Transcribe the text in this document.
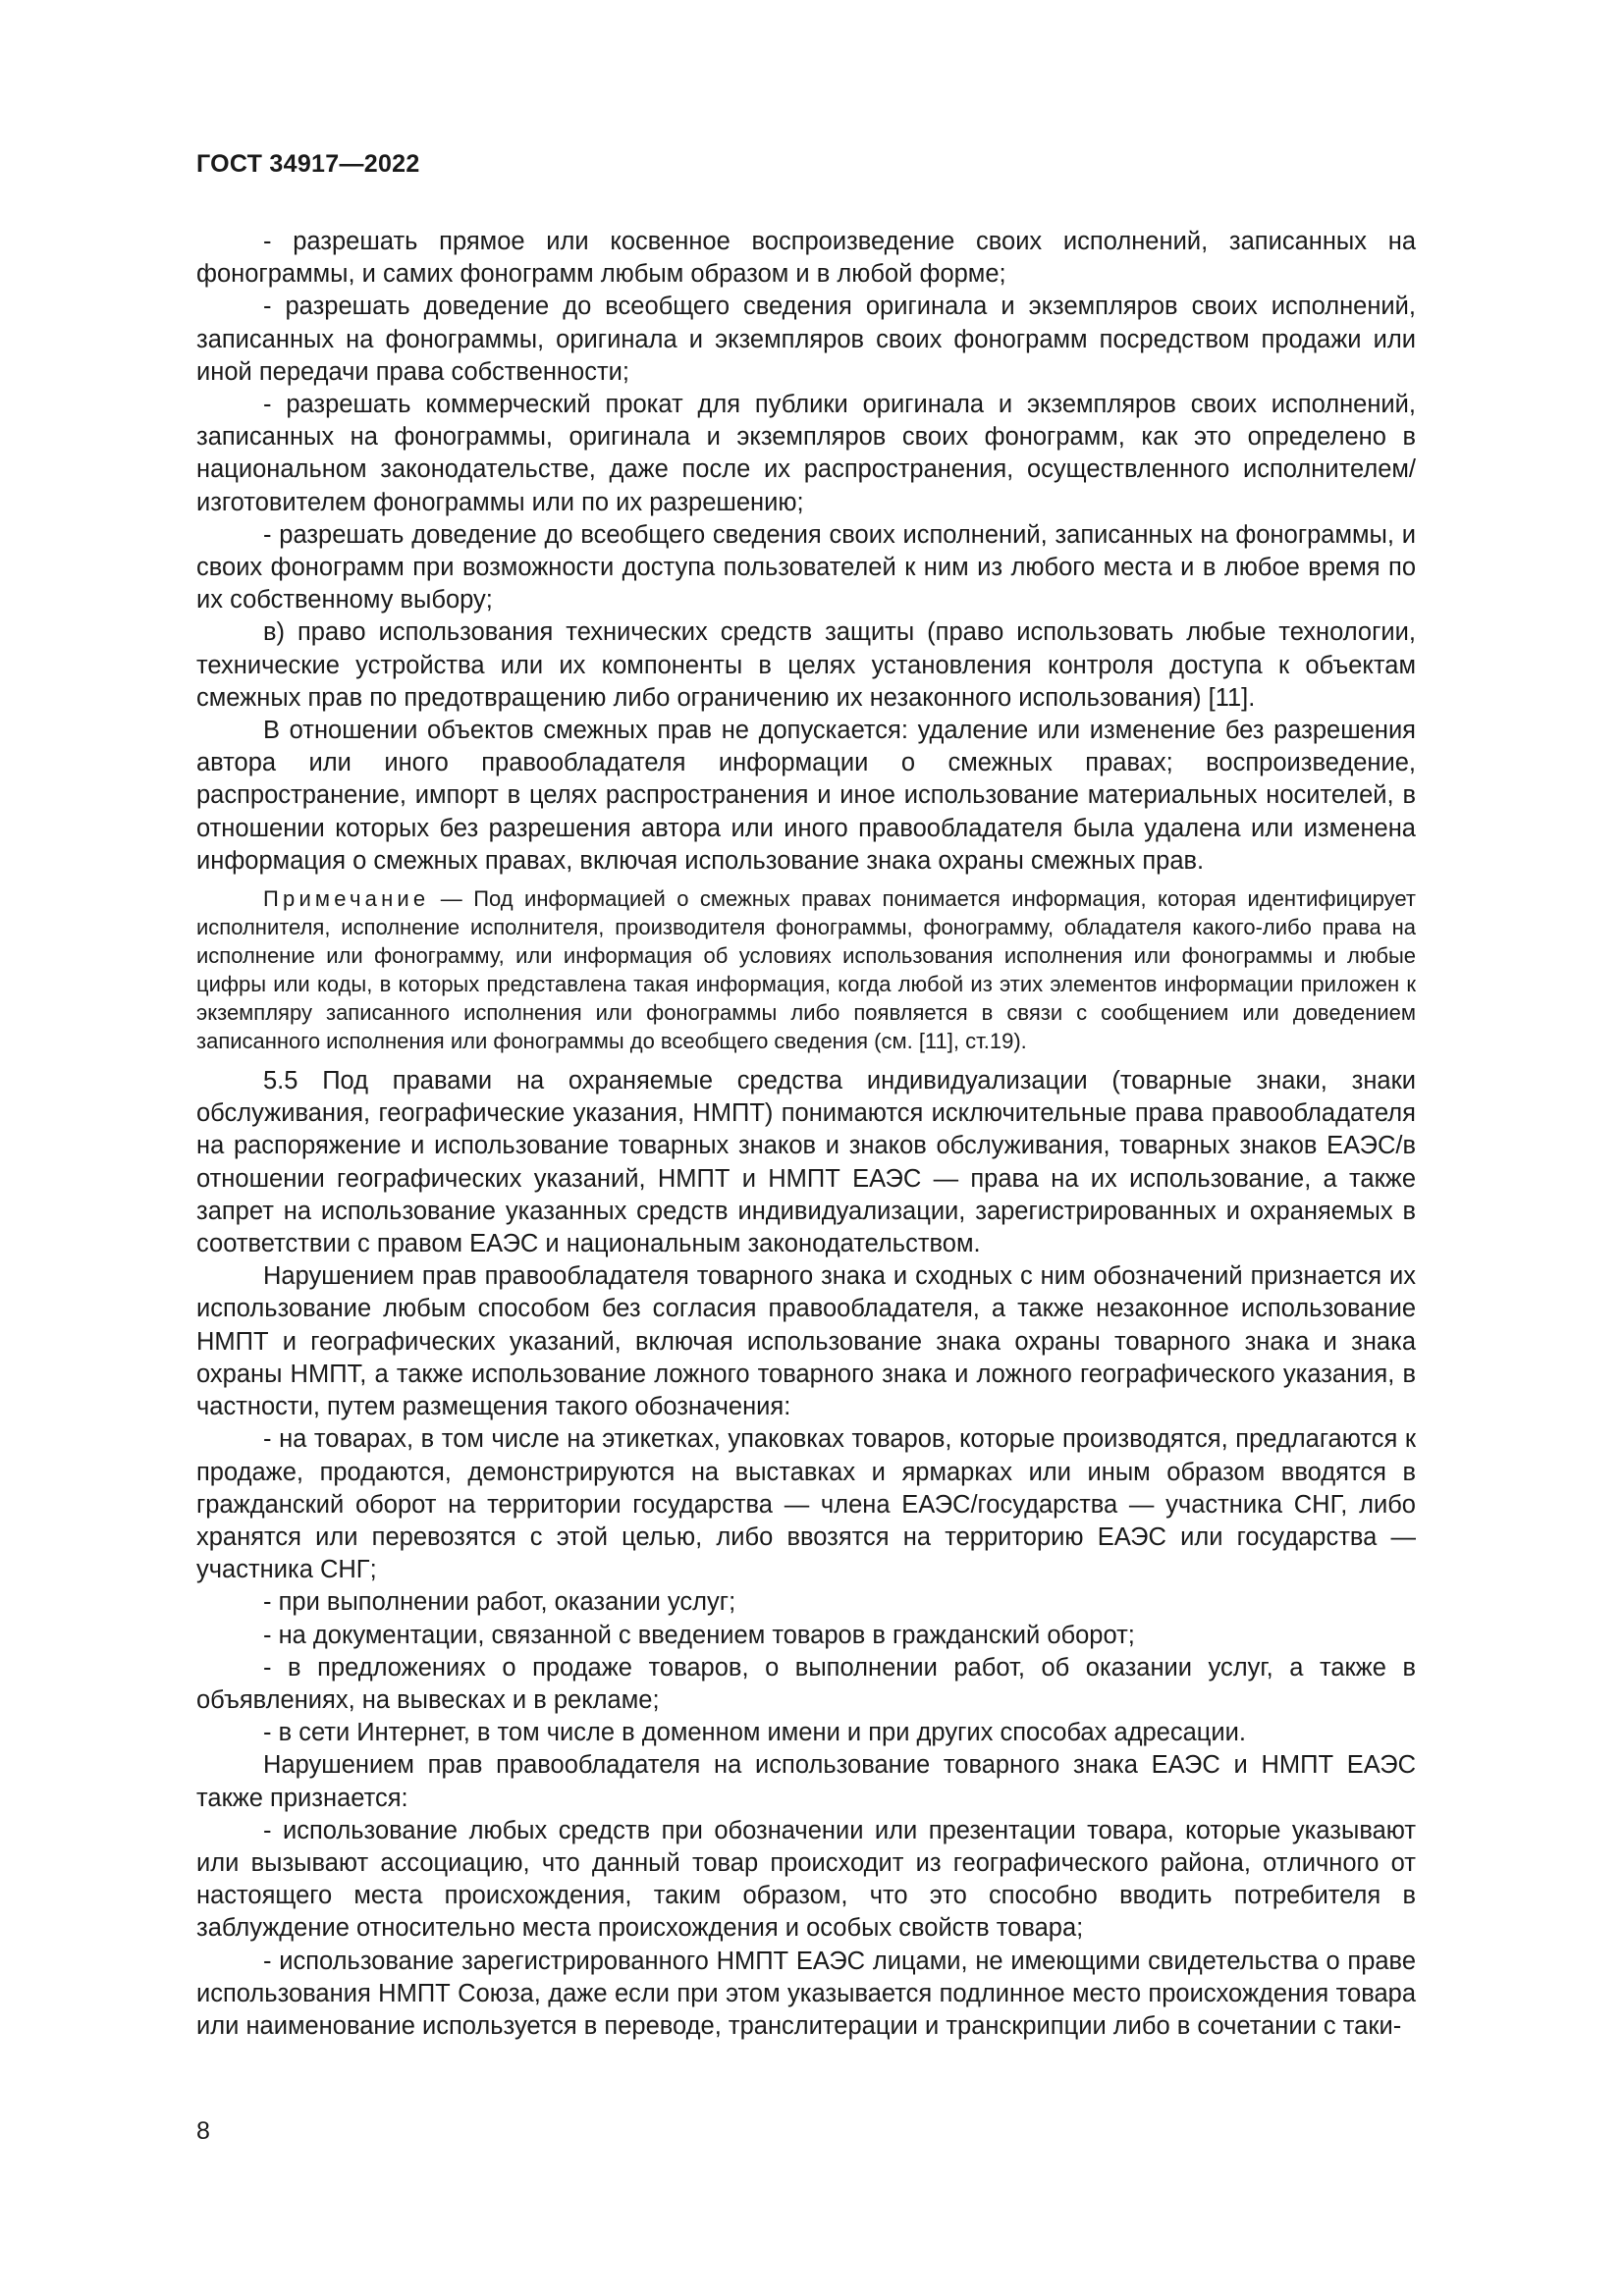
ГОСТ 34917—2022

- разрешать прямое или косвенное воспроизведение своих исполнений, записанных на фонограммы, и самих фонограмм любым образом и в любой форме;

- разрешать доведение до всеобщего сведения оригинала и экземпляров своих исполнений, записанных на фонограммы, оригинала и экземпляров своих фонограмм посредством продажи или иной передачи права собственности;

- разрешать коммерческий прокат для публики оригинала и экземпляров своих исполнений, записанных на фонограммы, оригинала и экземпляров своих фонограмм, как это определено в национальном законодательстве, даже после их распространения, осуществленного исполнителем/изготовителем фонограммы или по их разрешению;

- разрешать доведение до всеобщего сведения своих исполнений, записанных на фонограммы, и своих фонограмм при возможности доступа пользователей к ним из любого места и в любое время по их собственному выбору;

в) право использования технических средств защиты (право использовать любые технологии, технические устройства или их компоненты в целях установления контроля доступа к объектам смежных прав по предотвращению либо ограничению их незаконного использования) [11].

В отношении объектов смежных прав не допускается: удаление или изменение без разрешения автора или иного правообладателя информации о смежных правах; воспроизведение, распространение, импорт в целях распространения и иное использование материальных носителей, в отношении которых без разрешения автора или иного правообладателя была удалена или изменена информация о смежных правах, включая использование знака охраны смежных прав.

Примечание — Под информацией о смежных правах понимается информация, которая идентифицирует исполнителя, исполнение исполнителя, производителя фонограммы, фонограмму, обладателя какого-либо права на исполнение или фонограмму, или информация об условиях использования исполнения или фонограммы и любые цифры или коды, в которых представлена такая информация, когда любой из этих элементов информации приложен к экземпляру записанного исполнения или фонограммы либо появляется в связи с сообщением или доведением записанного исполнения или фонограммы до всеобщего сведения (см. [11], ст.19).

5.5 Под правами на охраняемые средства индивидуализации (товарные знаки, знаки обслуживания, географические указания, НМПТ) понимаются исключительные права правообладателя на распоряжение и использование товарных знаков и знаков обслуживания, товарных знаков ЕАЭС/в отношении географических указаний, НМПТ и НМПТ ЕАЭС — права на их использование, а также запрет на использование указанных средств индивидуализации, зарегистрированных и охраняемых в соответствии с правом ЕАЭС и национальным законодательством.

Нарушением прав правообладателя товарного знака и сходных с ним обозначений признается их использование любым способом без согласия правообладателя, а также незаконное использование НМПТ и географических указаний, включая использование знака охраны товарного знака и знака охраны НМПТ, а также использование ложного товарного знака и ложного географического указания, в частности, путем размещения такого обозначения:

- на товарах, в том числе на этикетках, упаковках товаров, которые производятся, предлагаются к продаже, продаются, демонстрируются на выставках и ярмарках или иным образом вводятся в гражданский оборот на территории государства — члена ЕАЭС/государства — участника СНГ, либо хранятся или перевозятся с этой целью, либо ввозятся на территорию ЕАЭС или государства — участника СНГ;

- при выполнении работ, оказании услуг;

- на документации, связанной с введением товаров в гражданский оборот;

- в предложениях о продаже товаров, о выполнении работ, об оказании услуг, а также в объявлениях, на вывесках и в рекламе;

- в сети Интернет, в том числе в доменном имени и при других способах адресации.

Нарушением прав правообладателя на использование товарного знака ЕАЭС и НМПТ ЕАЭС также признается:

- использование любых средств при обозначении или презентации товара, которые указывают или вызывают ассоциацию, что данный товар происходит из географического района, отличного от настоящего места происхождения, таким образом, что это способно вводить потребителя в заблуждение относительно места происхождения и особых свойств товара;

- использование зарегистрированного НМПТ ЕАЭС лицами, не имеющими свидетельства о праве использования НМПТ Союза, даже если при этом указывается подлинное место происхождения товара или наименование используется в переводе, транслитерации и транскрипции либо в сочетании с таки-

8
